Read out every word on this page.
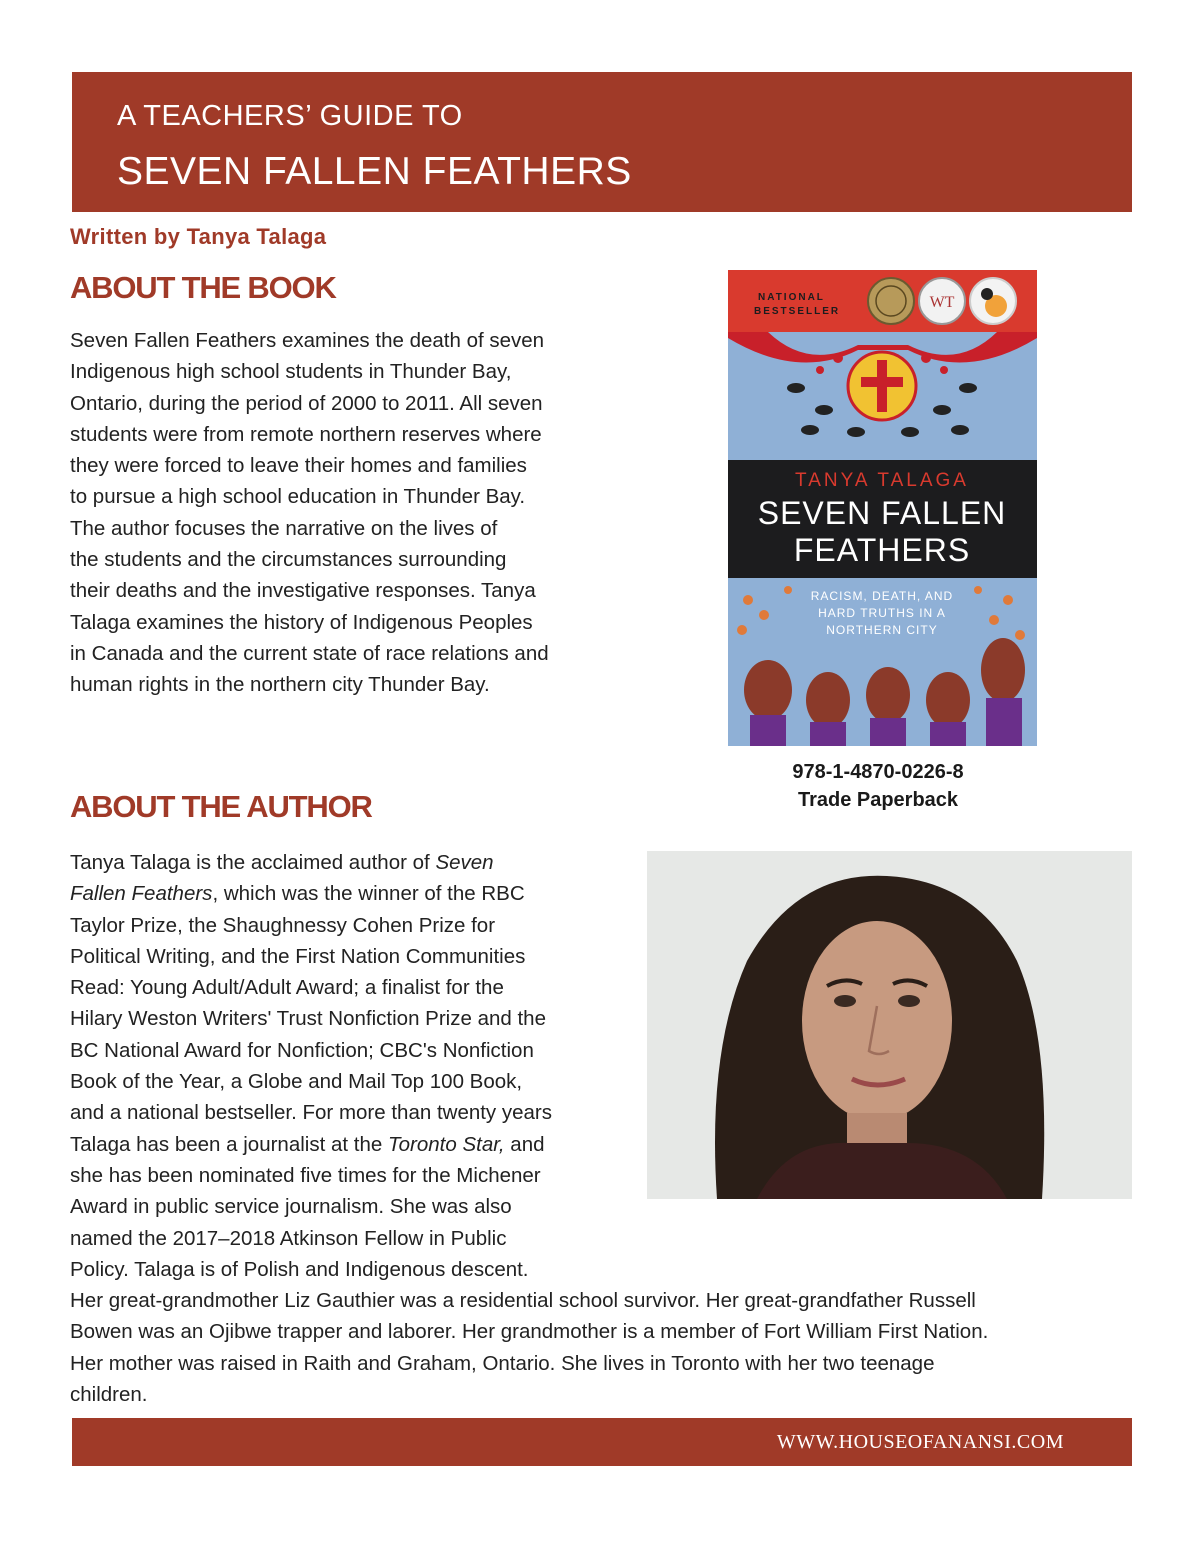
A TEACHERS’ GUIDE TO
SEVEN FALLEN FEATHERS
Written by Tanya Talaga
ABOUT THE BOOK
Seven Fallen Feathers examines the death of seven
Indigenous high school students in Thunder Bay,
Ontario, during the period of 2000 to 2011. All seven
students were from remote northern reserves where
they were forced to leave their homes and families
to pursue a high school education in Thunder Bay.
The author focuses the narrative on the lives of
the students and the circumstances surrounding
their deaths and the investigative responses. Tanya
Talaga examines the history of Indigenous Peoples
in Canada and the current state of race relations and
human rights in the northern city Thunder Bay.
NATIONAL
BESTSELLER
WT
TANYA TALAGA
SEVEN FALLEN
FEATHERS
RACISM, DEATH, AND
HARD TRUTHS IN A
NORTHERN CITY
978-1-4870-0226-8
Trade Paperback
ABOUT THE AUTHOR
Tanya Talaga is the acclaimed author of Seven
Fallen Feathers, which was the winner of the RBC
Taylor Prize, the Shaughnessy Cohen Prize for
Political Writing, and the First Nation Communities
Read: Young Adult/Adult Award; a finalist for the
Hilary Weston Writers' Trust Nonfiction Prize and the
BC National Award for Nonfiction; CBC's Nonfiction
Book of the Year, a Globe and Mail Top 100 Book,
and a national bestseller. For more than twenty years
Talaga has been a journalist at the Toronto Star, and
she has been nominated five times for the Michener
Award in public service journalism. She was also
named the 2017–2018 Atkinson Fellow in Public
Policy. Talaga is of Polish and Indigenous descent.
Her great-grandmother Liz Gauthier was a residential school survivor. Her great-grandfather Russell
Bowen was an Ojibwe trapper and laborer. Her grandmother is a member of Fort William First Nation.
Her mother was raised in Raith and Graham, Ontario. She lives in Toronto with her two teenage
children.
WWW.HOUSEOFANANSI.COM
